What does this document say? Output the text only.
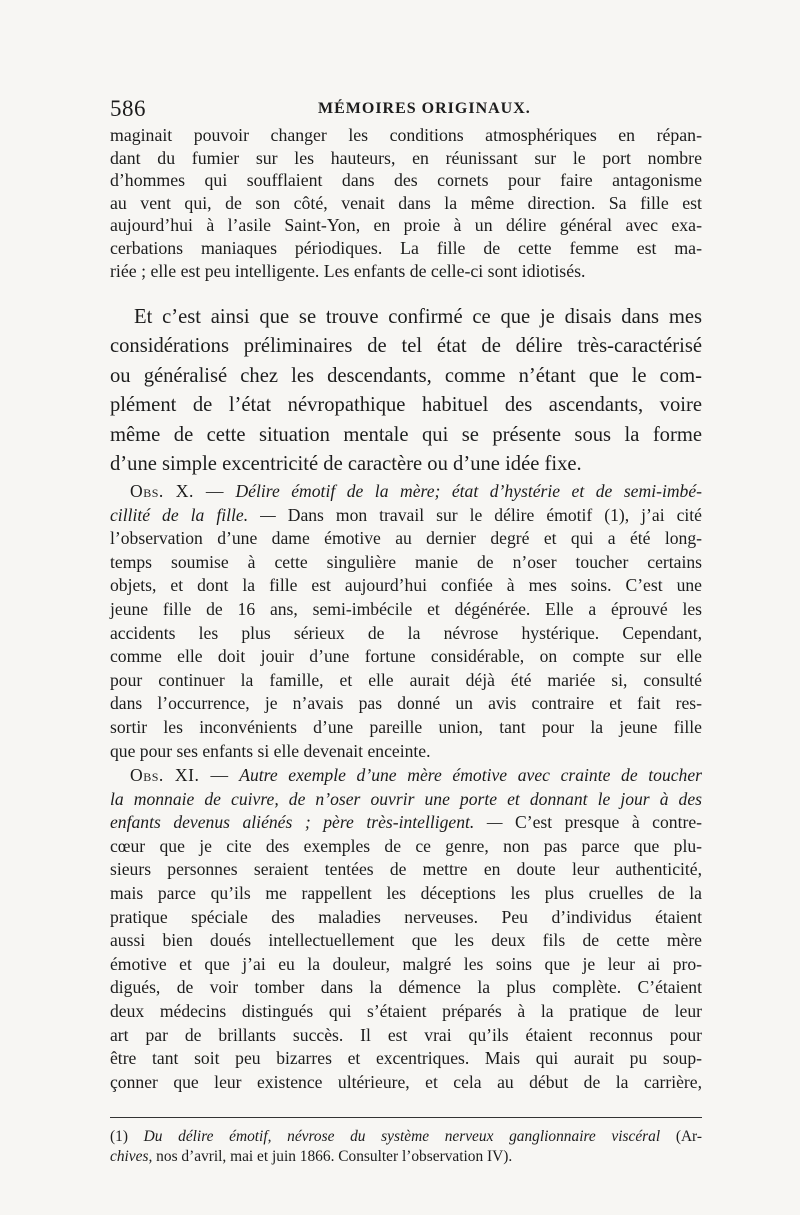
586	MÉMOIRES ORIGINAUX.

maginait pouvoir changer les conditions atmosphériques en répan-
dant du fumier sur les hauteurs, en réunissant sur le port nombre
d’hommes qui soufflaient dans des cornets pour faire antagonisme
au vent qui, de son côté, venait dans la même direction. Sa fille est
aujourd’hui à l’asile Saint-Yon, en proie à un délire général avec exa-
cerbations maniaques périodiques. La fille de cette femme est ma-
riée ; elle est peu intelligente. Les enfants de celle-ci sont idiotisés.

Et c’est ainsi que se trouve confirmé ce que je disais dans mes
considérations préliminaires de tel état de délire très-caractérisé
ou généralisé chez les descendants, comme n’étant que le com-
plément de l’état névropathique habituel des ascendants, voire
même de cette situation mentale qui se présente sous la forme
d’une simple excentricité de caractère ou d’une idée fixe.

Obs. X. — Délire émotif de la mère; état d’hystérie et de semi-imbé-
cillité de la fille. — Dans mon travail sur le délire émotif (1), j’ai cité
l’observation d’une dame émotive au dernier degré et qui a été long-
temps soumise à cette singulière manie de n’oser toucher certains
objets, et dont la fille est aujourd’hui confiée à mes soins. C’est une
jeune fille de 16 ans, semi-imbécile et dégénérée. Elle a éprouvé les
accidents les plus sérieux de la névrose hystérique. Cependant,
comme elle doit jouir d’une fortune considérable, on compte sur elle
pour continuer la famille, et elle aurait déjà été mariée si, consulté
dans l’occurrence, je n’avais pas donné un avis contraire et fait res-
sortir les inconvénients d’une pareille union, tant pour la jeune fille
que pour ses enfants si elle devenait enceinte.

Obs. XI. — Autre exemple d’une mère émotive avec crainte de toucher
la monnaie de cuivre, de n’oser ouvrir une porte et donnant le jour à des
enfants devenus aliénés ; père très-intelligent. — C’est presque à contre-
cœur que je cite des exemples de ce genre, non pas parce que plu-
sieurs personnes seraient tentées de mettre en doute leur authenticité,
mais parce qu’ils me rappellent les déceptions les plus cruelles de la
pratique spéciale des maladies nerveuses. Peu d’individus étaient
aussi bien doués intellectuellement que les deux fils de cette mère
émotive et que j’ai eu la douleur, malgré les soins que je leur ai pro-
digués, de voir tomber dans la démence la plus complète. C’étaient
deux médecins distingués qui s’étaient préparés à la pratique de leur
art par de brillants succès. Il est vrai qu’ils étaient reconnus pour
être tant soit peu bizarres et excentriques. Mais qui aurait pu soup-
çonner que leur existence ultérieure, et cela au début de la carrière,

(1) Du délire émotif, névrose du système nerveux ganglionnaire viscéral (Ar-
chives, nos d’avril, mai et juin 1866. Consulter l’observation IV).
